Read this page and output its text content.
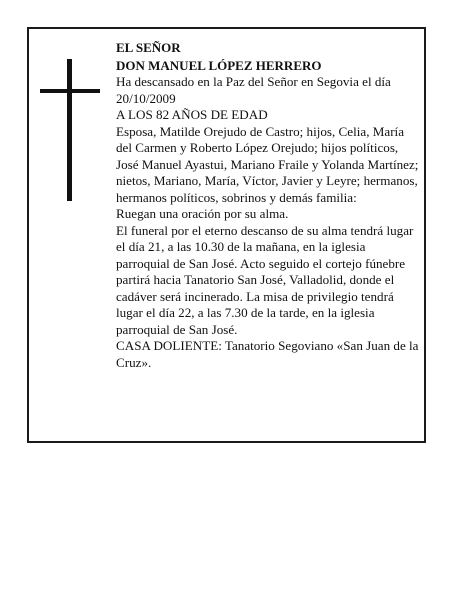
EL SEÑOR

DON MANUEL LÓPEZ HERRERO

Ha descansado en la Paz del Señor en Segovia el día 20/10/2009

A LOS 82 AÑOS DE EDAD

Esposa, Matilde Orejudo de Castro; hijos, Celia, María del Carmen y Roberto López Orejudo; hijos políticos, José Manuel Ayastui, Mariano Fraile y Yolanda Martínez; nietos, Mariano, María, Víctor, Javier y Leyre; hermanos, hermanos políticos, sobrinos y demás familia:

Ruegan una oración por su alma.

El funeral por el eterno descanso de su alma tendrá lugar el día 21, a las 10.30 de la mañana, en la iglesia parroquial de San José. Acto seguido el cortejo fúnebre partirá hacia Tanatorio San José, Valladolid, donde el cadáver será incinerado. La misa de privilegio tendrá lugar el día 22, a las 7.30 de la tarde, en la iglesia parroquial de San José.

CASA DOLIENTE: Tanatorio Segoviano «San Juan de la Cruz».
